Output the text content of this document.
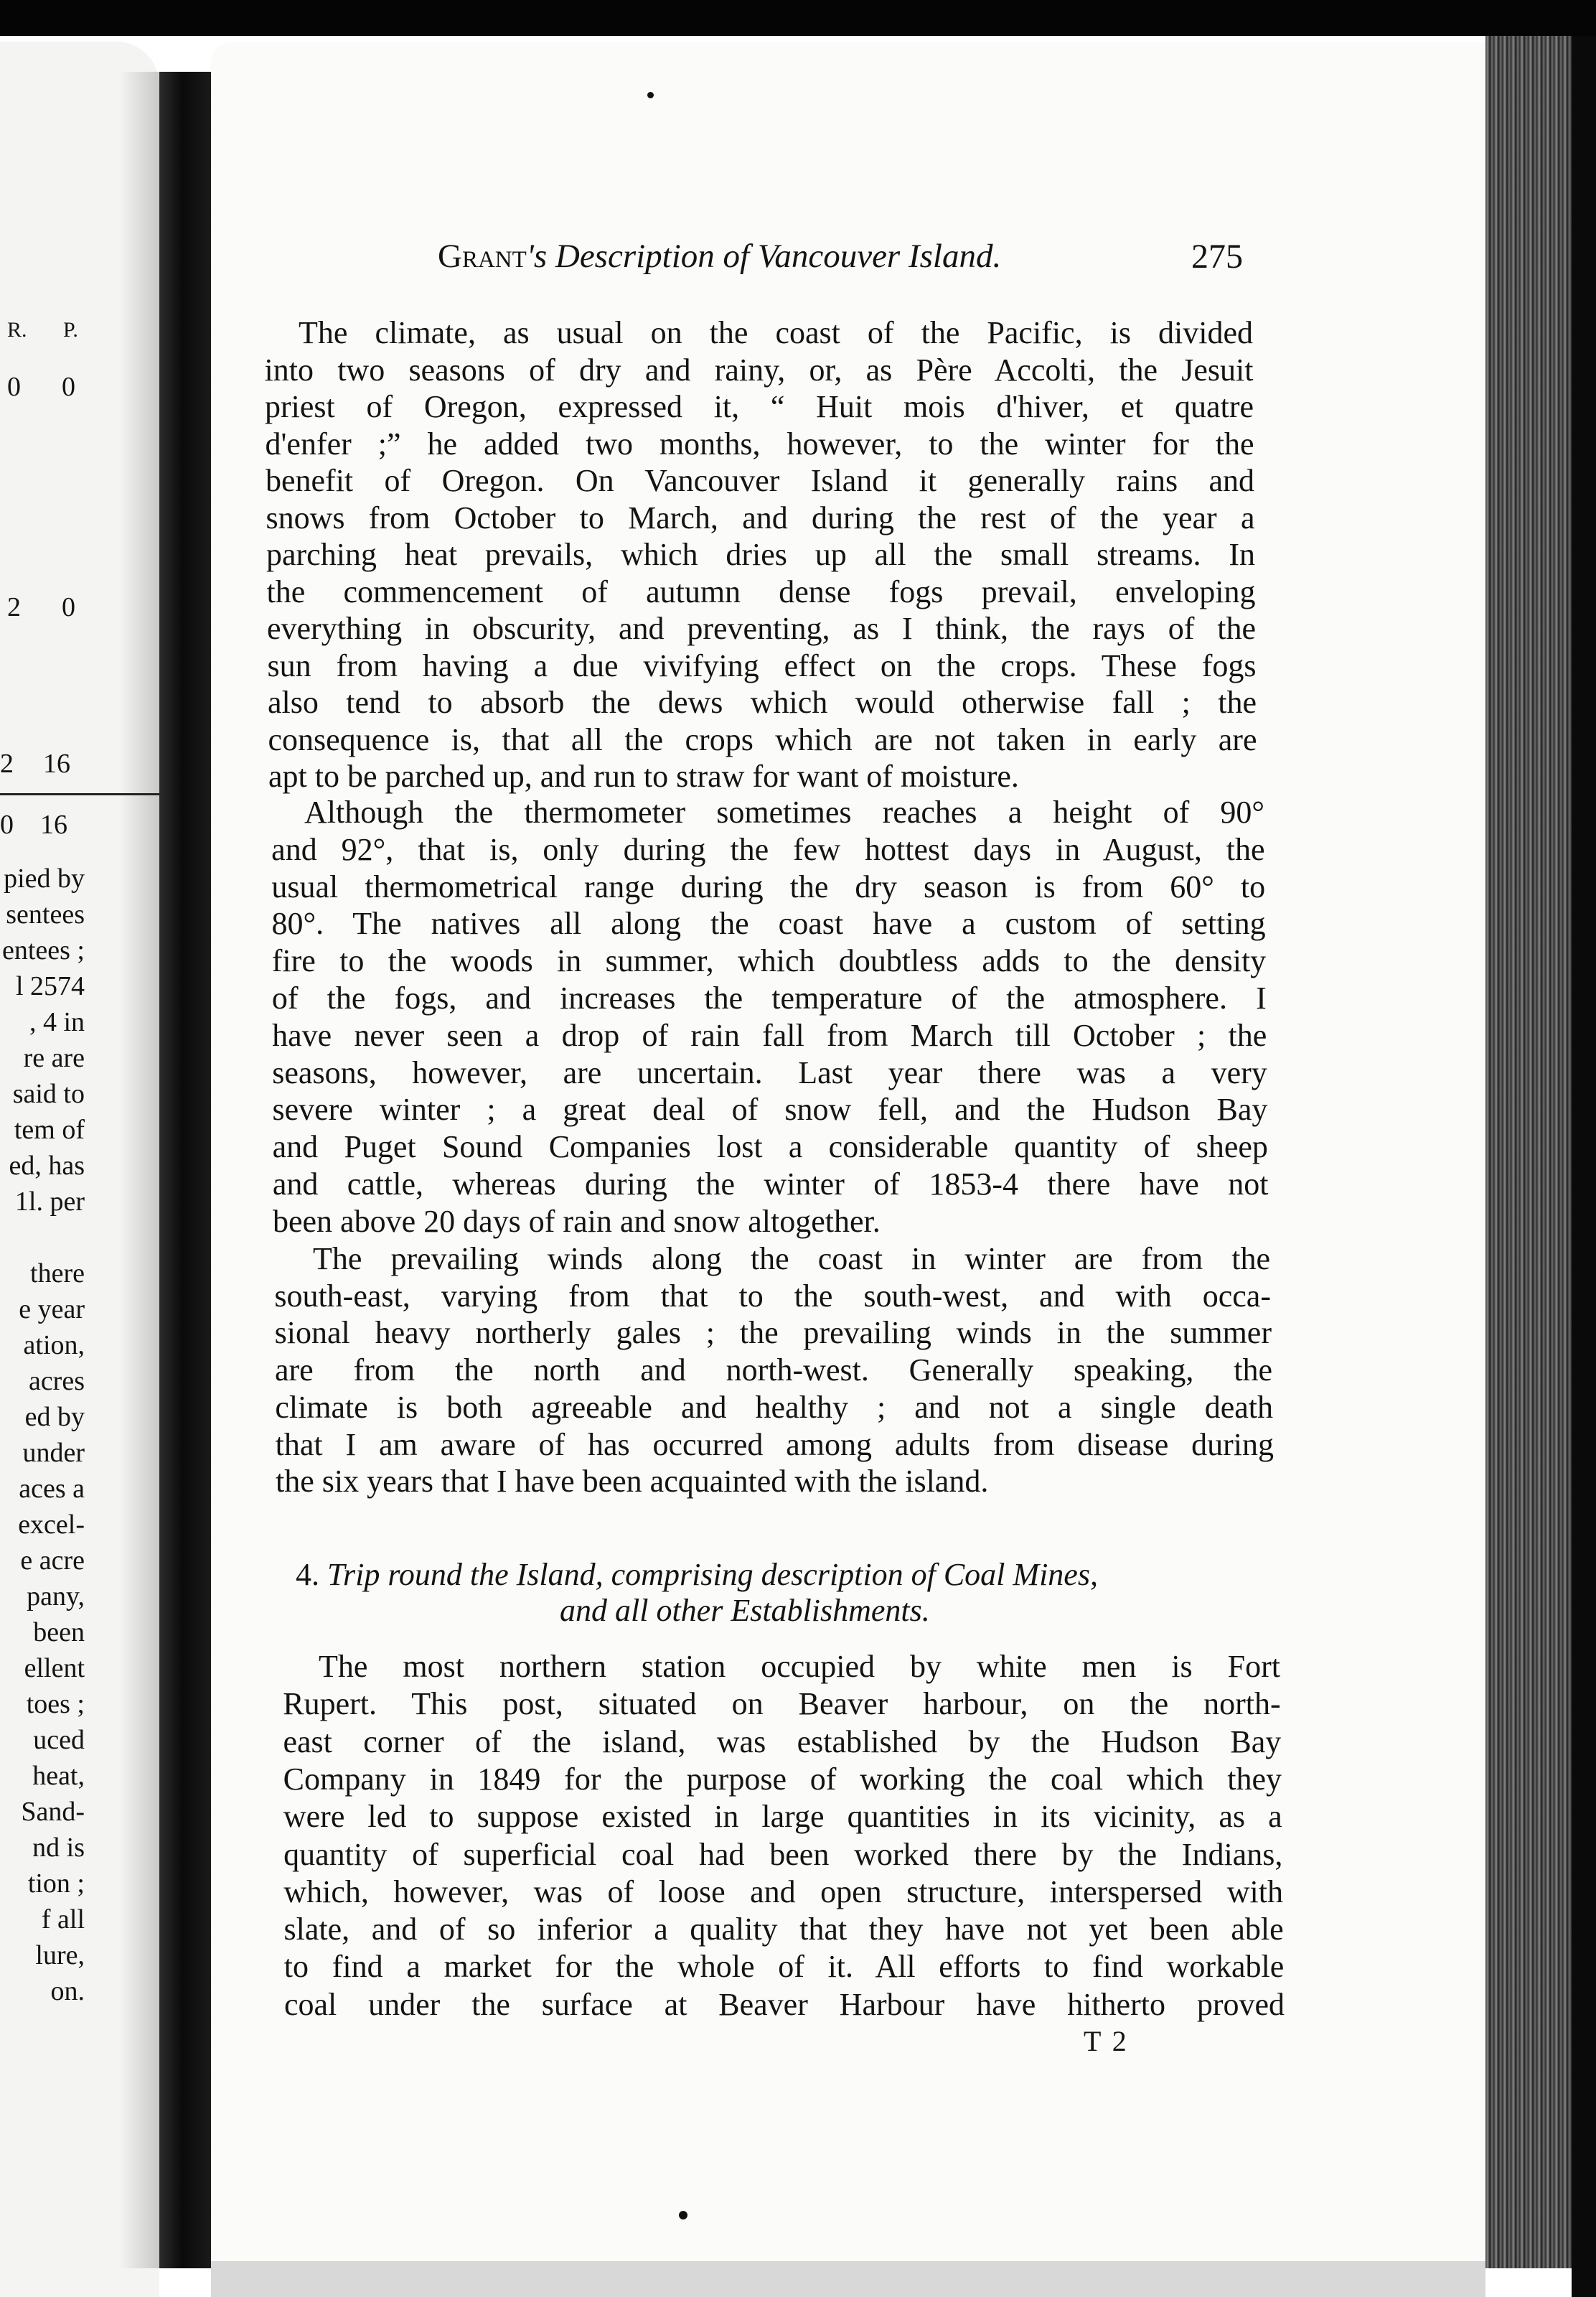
R. P.
0 0
2 0
2 16
0 16
pied by
sentees
entees ;
l 2574
, 4 in
re are
said to
tem of
ed, has
1l. per
there
e year
ation,
acres
ed by
under
aces a
excel-
e acre
pany,
been
ellent
toes ;
uced
heat,
Sand-
nd is
tion ;
f all
lure,
on.
Grant's Description of Vancouver Island.	275
The climate, as usual on the coast of the Pacific, is divided
into two seasons of dry and rainy, or, as Père Accolti, the Jesuit
priest of Oregon, expressed it, “ Huit mois d'hiver, et quatre
d'enfer ;” he added two months, however, to the winter for the
benefit of Oregon. On Vancouver Island it generally rains and
snows from October to March, and during the rest of the year a
parching heat prevails, which dries up all the small streams. In
the commencement of autumn dense fogs prevail, enveloping
everything in obscurity, and preventing, as I think, the rays of the
sun from having a due vivifying effect on the crops. These fogs
also tend to absorb the dews which would otherwise fall ; the
consequence is, that all the crops which are not taken in early are
apt to be parched up, and run to straw for want of moisture.
Although the thermometer sometimes reaches a height of 90°
and 92°, that is, only during the few hottest days in August, the
usual thermometrical range during the dry season is from 60° to
80°. The natives all along the coast have a custom of setting
fire to the woods in summer, which doubtless adds to the density
of the fogs, and increases the temperature of the atmosphere. I
have never seen a drop of rain fall from March till October ; the
seasons, however, are uncertain. Last year there was a very
severe winter ; a great deal of snow fell, and the Hudson Bay
and Puget Sound Companies lost a considerable quantity of sheep
and cattle, whereas during the winter of 1853-4 there have not
been above 20 days of rain and snow altogether.
The prevailing winds along the coast in winter are from the
south-east, varying from that to the south-west, and with occa-
sional heavy northerly gales ; the prevailing winds in the summer
are from the north and north-west. Generally speaking, the
climate is both agreeable and healthy ; and not a single death
that I am aware of has occurred among adults from disease during
the six years that I have been acquainted with the island.
The most northern station occupied by white men is Fort
Rupert. This post, situated on Beaver harbour, on the north-
east corner of the island, was established by the Hudson Bay
Company in 1849 for the purpose of working the coal which they
were led to suppose existed in large quantities in its vicinity, as a
quantity of superficial coal had been worked there by the Indians,
which, however, was of loose and open structure, interspersed with
slate, and of so inferior a quality that they have not yet been able
to find a market for the whole of it. All efforts to find workable
coal under the surface at Beaver Harbour have hitherto proved
4. Trip round the Island, comprising description of Coal Mines,
and all other Establishments.
T 2
